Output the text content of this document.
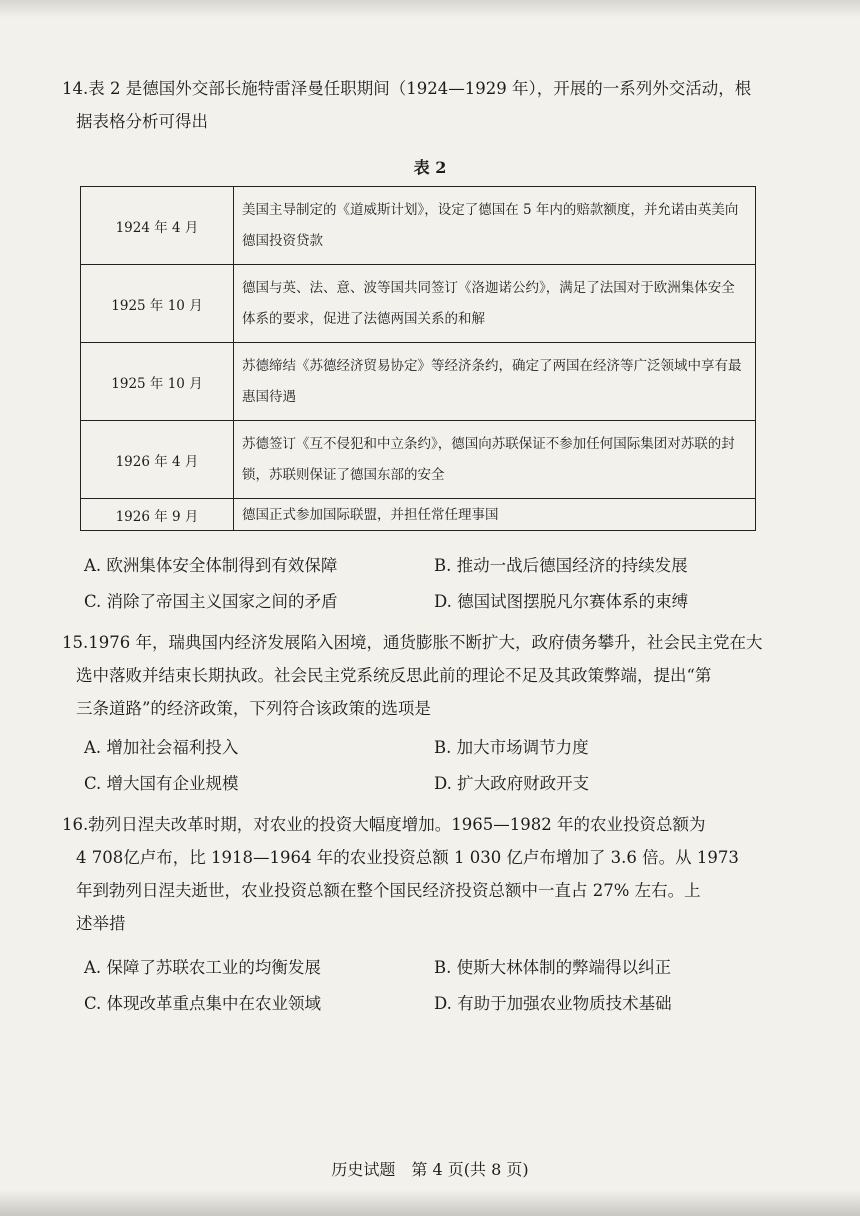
14.表 2 是德国外交部长施特雷泽曼任职期间（1924—1929 年），开展的一系列外交活动，根
据表格分析可得出
表 2
1924 年 4 月	美国主导制定的《道威斯计划》，设定了德国在 5 年内的赔款额度，并允诺由英美向德国投资贷款
1925 年 10 月	德国与英、法、意、波等国共同签订《洛迦诺公约》，满足了法国对于欧洲集体安全体系的要求，促进了法德两国关系的和解
1925 年 10 月	苏德缔结《苏德经济贸易协定》等经济条约，确定了两国在经济等广泛领域中享有最惠国待遇
1926 年 4 月	苏德签订《互不侵犯和中立条约》，德国向苏联保证不参加任何国际集团对苏联的封锁，苏联则保证了德国东部的安全
1926 年 9 月	德国正式参加国际联盟，并担任常任理事国
A. 欧洲集体安全体制得到有效保障	B. 推动一战后德国经济的持续发展
C. 消除了帝国主义国家之间的矛盾	D. 德国试图摆脱凡尔赛体系的束缚
15.1976 年，瑞典国内经济发展陷入困境，通货膨胀不断扩大，政府债务攀升，社会民主党在大
选中落败并结束长期执政。社会民主党系统反思此前的理论不足及其政策弊端，提出“第
三条道路”的经济政策，下列符合该政策的选项是
A. 增加社会福利投入	B. 加大市场调节力度
C. 增大国有企业规模	D. 扩大政府财政开支
16.勃列日涅夫改革时期，对农业的投资大幅度增加。1965—1982 年的农业投资总额为
4 708亿卢布，比 1918—1964 年的农业投资总额 1 030 亿卢布增加了 3.6 倍。从 1973
年到勃列日涅夫逝世，农业投资总额在整个国民经济投资总额中一直占 27% 左右。上
述举措
A. 保障了苏联农工业的均衡发展	B. 使斯大林体制的弊端得以纠正
C. 体现改革重点集中在农业领域	D. 有助于加强农业物质技术基础
历史试题　第 4 页(共 8 页)
